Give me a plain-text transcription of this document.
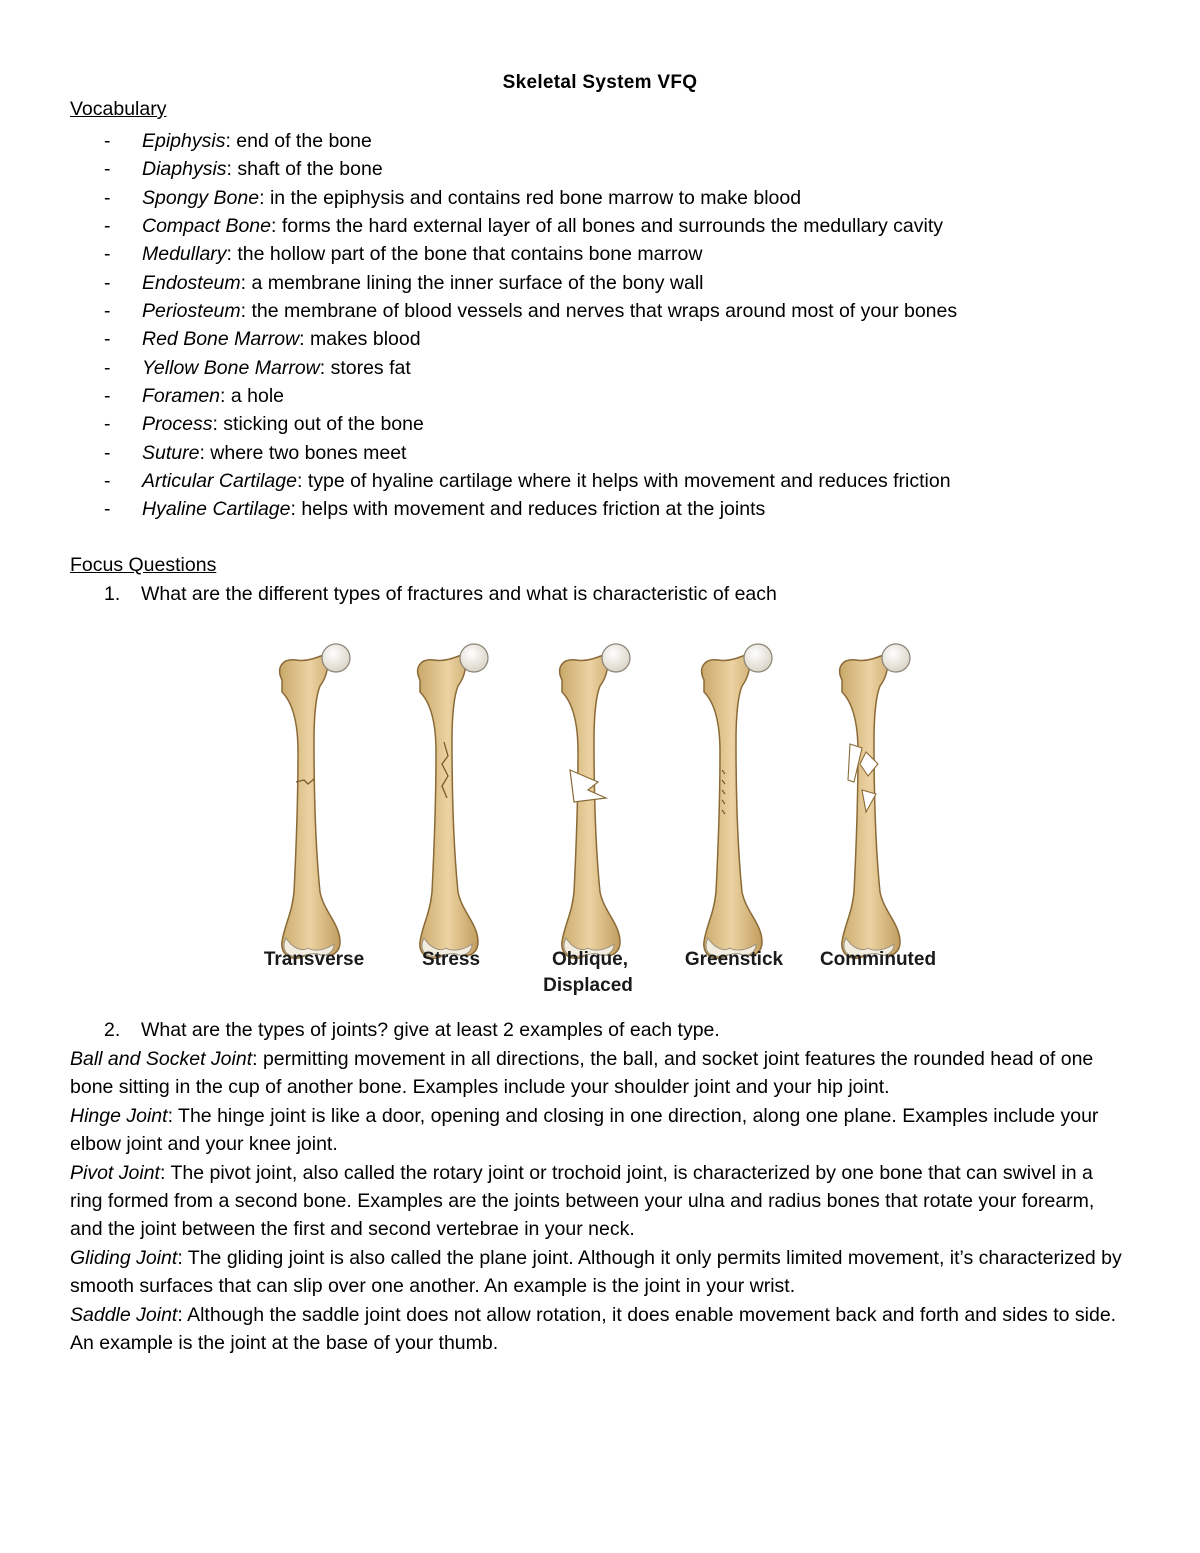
Skeletal System VFQ
Vocabulary
- Epiphysis: end of the bone
- Diaphysis: shaft of the bone
- Spongy Bone: in the epiphysis and contains red bone marrow to make blood
- Compact Bone: forms the hard external layer of all bones and surrounds the medullary cavity
- Medullary: the hollow part of the bone that contains bone marrow
- Endosteum: a membrane lining the inner surface of the bony wall
- Periosteum: the membrane of blood vessels and nerves that wraps around most of your bones
- Red Bone Marrow: makes blood
- Yellow Bone Marrow: stores fat
- Foramen: a hole
- Process: sticking out of the bone
- Suture: where two bones meet
- Articular Cartilage: type of hyaline cartilage where it helps with movement and reduces friction
- Hyaline Cartilage: helps with movement and reduces friction at the joints
Focus Questions
1. What are the different types of fractures and what is characteristic of each
Transverse	Stress	Oblique,
Displaced
Greenstick Comminuted
2. What are the types of joints? give at least 2 examples of each type.

Ball and Socket Joint: permitting movement in all directions, the ball, and socket joint features the rounded head of one bone sitting in the cup of another bone. Examples include your shoulder joint and your hip joint.

Hinge Joint: The hinge joint is like a door, opening and closing in one direction, along one plane. Examples include your elbow joint and your knee joint.

Pivot Joint: The pivot joint, also called the rotary joint or trochoid joint, is characterized by one bone that can swivel in a ring formed from a second bone. Examples are the joints between your ulna and radius bones that rotate your forearm, and the joint between the first and second vertebrae in your neck.

Gliding Joint: The gliding joint is also called the plane joint. Although it only permits limited movement, it’s characterized by smooth surfaces that can slip over one another. An example is the joint in your wrist.

Saddle Joint: Although the saddle joint does not allow rotation, it does enable movement back and forth and sides to side. An example is the joint at the base of your thumb.
